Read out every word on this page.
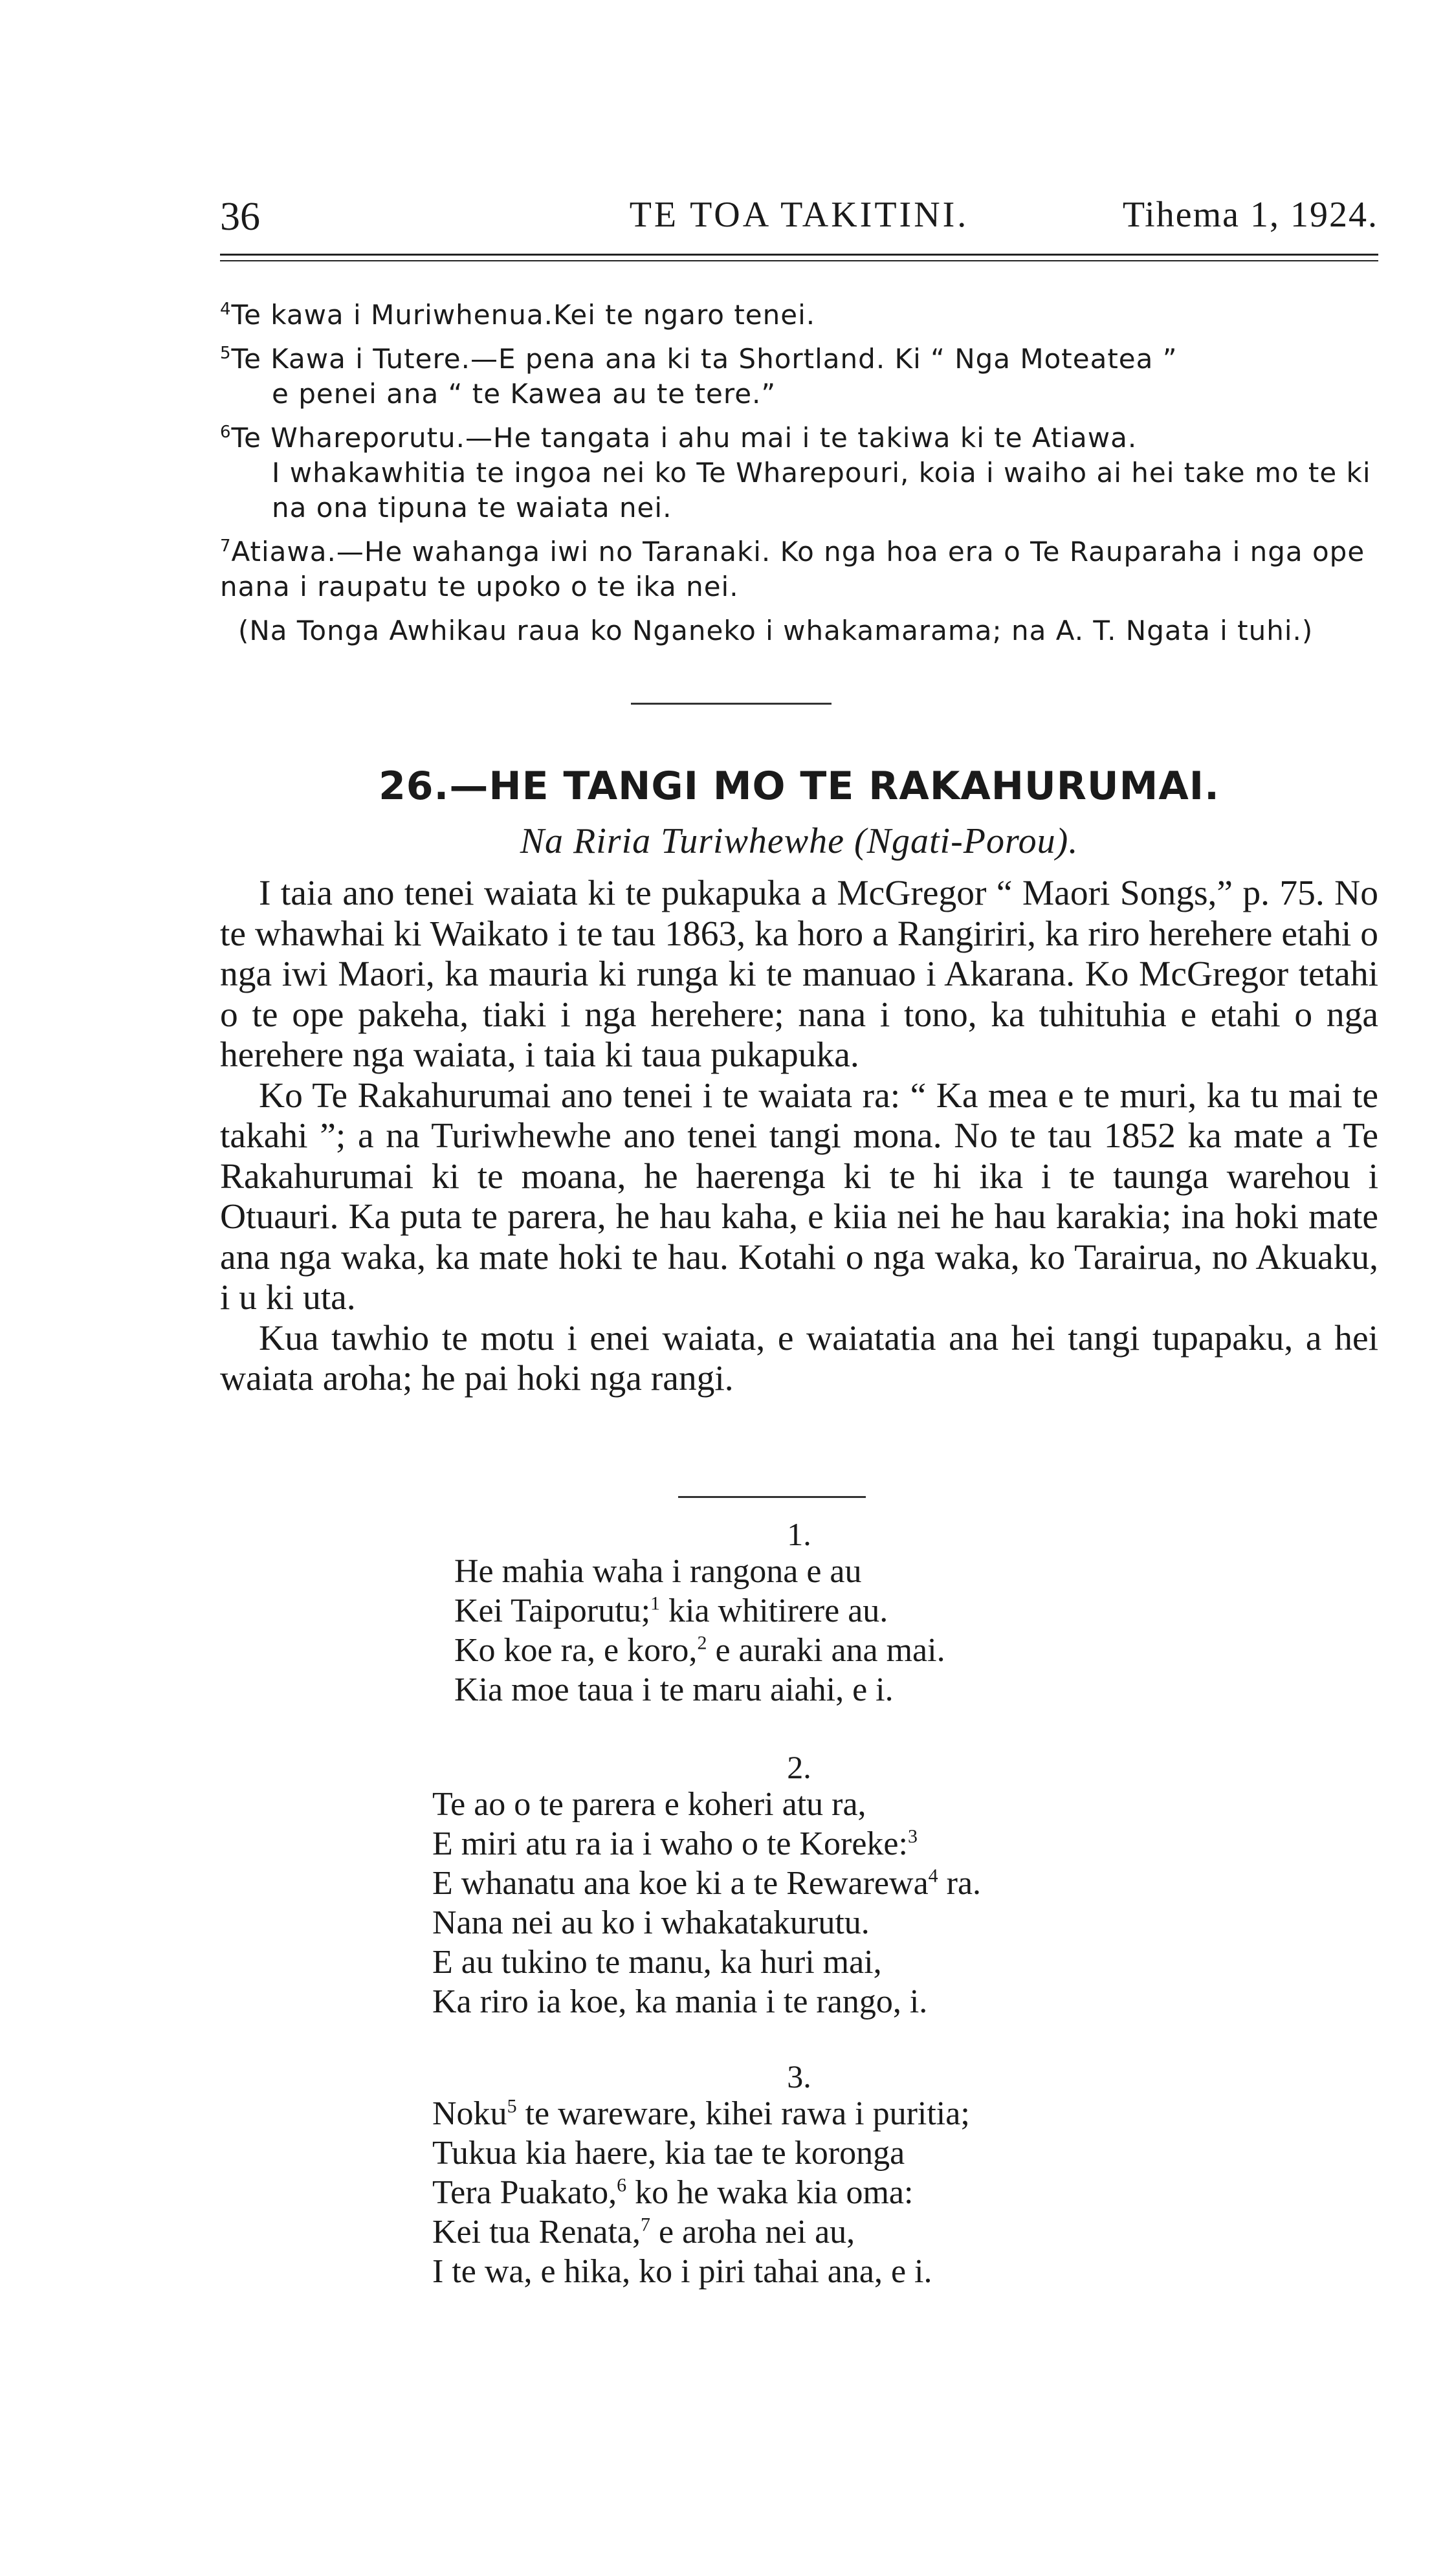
36	TE TOA TAKITINI.	Tihema 1, 1924.
$^4$Te kawa i Muriwhenua.Kei te ngaro tenei.
$^5$Te Kawa i Tutere.—E pena ana ki ta Shortland. Ki “ Nga Moteatea ”
e penei ana “ te Kawea au te tere.”
$^6$Te Whareporutu.—He tangata i ahu mai i te takiwa ki te Atiawa.
I whakawhitia te ingoa nei ko Te Wharepouri, koia i waiho ai hei take mo te ki na ona tipuna te waiata nei.
$^7$Atiawa.—He wahanga iwi no Taranaki. Ko nga hoa era o Te Rauparaha i nga ope nana i raupatu te upoko o te ika nei.
(Na Tonga Awhikau raua ko Nganeko i whakamarama; na A. T. Ngata i tuhi.)
26.—HE TANGI MO TE RAKAHURUMAI.
Na Riria Turiwhewhe (Ngati-Porou).

I taia ano tenei waiata ki te pukapuka a McGregor “ Maori Songs,” p. 75. No te whawhai ki Waikato i te tau 1863, ka horo a Rangiriri, ka riro herehere etahi o nga iwi Maori, ka mauria ki runga ki te manuao i Akarana. Ko McGregor tetahi o te ope pakeha, tiaki i nga herehere; nana i tono, ka tuhituhia e etahi o nga herehere nga waiata, i taia ki taua pukapuka.

Ko Te Rakahurumai ano tenei i te waiata ra: “ Ka mea e te muri, ka tu mai te takahi ”; a na Turiwhewhe ano tenei tangi mona. No te tau 1852 ka mate a Te Rakahurumai ki te moana, he haerenga ki te hi ika i te taunga warehou i Otuauri. Ka puta te parera, he hau kaha, e kiia nei he hau karakia; ina hoki mate ana nga waka, ka mate hoki te hau. Kotahi o nga waka, ko Tarairua, no Akuaku, i u ki uta.

Kua tawhio te motu i enei waiata, e waiatatia ana hei tangi tupapaku, a hei waiata aroha; he pai hoki nga rangi.

1.
He mahia waha i rangona e au
Kei Taiporutu;$^1$ kia whitirere au.
Ko koe ra, e koro,$^2$ e auraki ana mai.
Kia moe taua i te maru aiahi, e i.
2.
Te ao o te parera e koheri atu ra,
E miri atu ra ia i waho o te Koreke:$^3$
E whanatu ana koe ki a te Rewarewa$^4$ ra.
Nana nei au ko i whakatakurutu.
E au tukino te manu, ka huri mai,
Ka riro ia koe, ka mania i te rango, i.
3.
Noku$^5$ te wareware, kihei rawa i puritia;
Tukua kia haere, kia tae te koronga
Tera Puakato,$^6$ ko he waka kia oma:
Kei tua Renata,$^7$ e aroha nei au,
I te wa, e hika, ko i piri tahai ana, e i.
